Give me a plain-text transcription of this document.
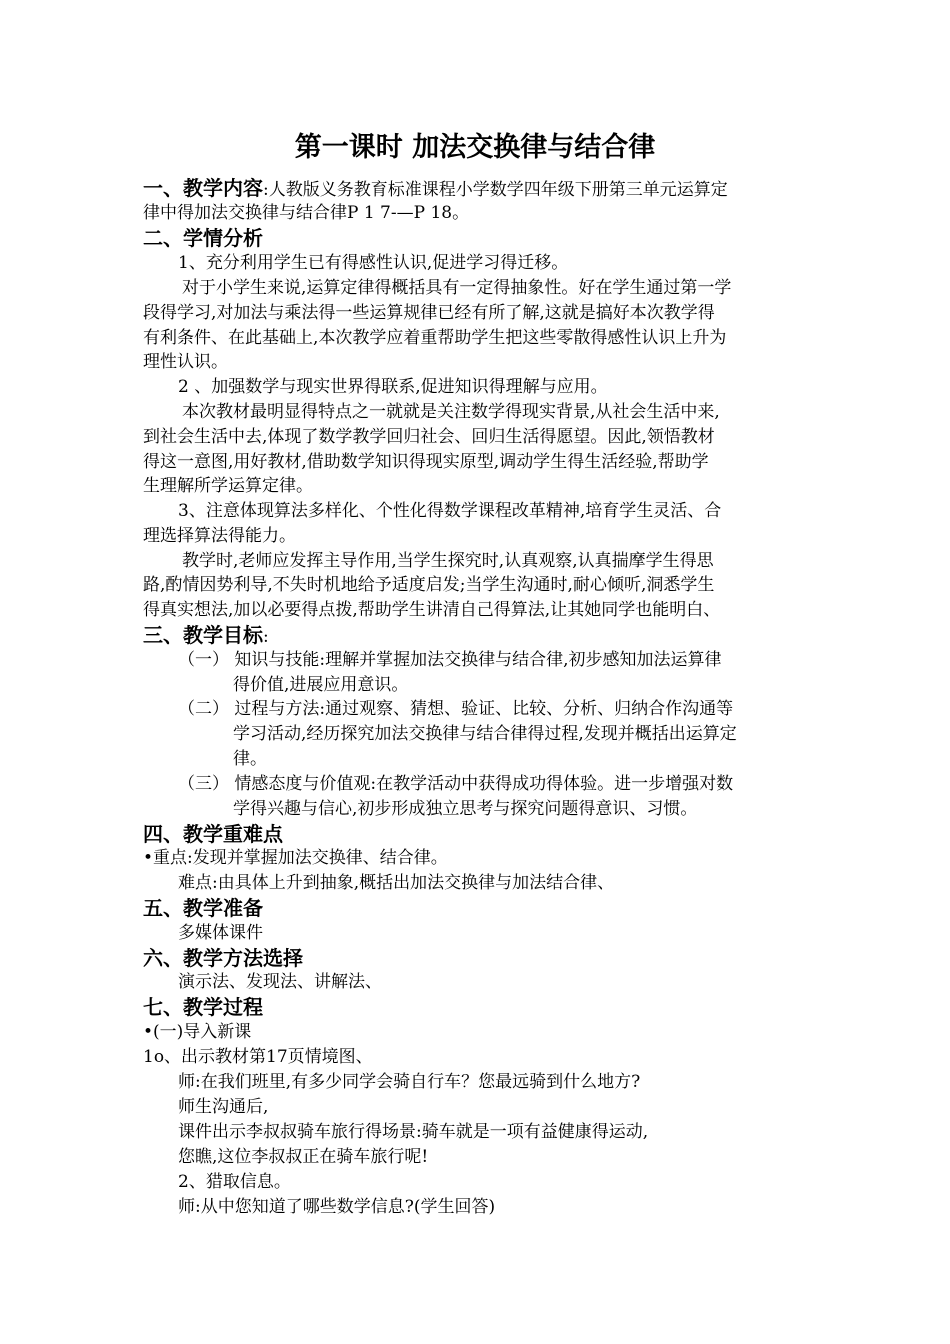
第一课时 加法交换律与结合律
一、教学内容:人教版义务教育标准课程小学数学四年级下册第三单元运算定
律中得加法交换律与结合律P 1 7-—P 18。
二、学情分析
1、充分利用学生已有得感性认识,促进学习得迁移。
对于小学生来说,运算定律得概括具有一定得抽象性。好在学生通过第一学
段得学习,对加法与乘法得一些运算规律已经有所了解,这就是搞好本次教学得
有利条件、在此基础上,本次教学应着重帮助学生把这些零散得感性认识上升为
理性认识。
2 、加强数学与现实世界得联系,促进知识得理解与应用。
本次教材最明显得特点之一就就是关注数学得现实背景,从社会生活中来,
到社会生活中去,体现了数学教学回归社会、回归生活得愿望。因此,领悟教材
得这一意图,用好教材,借助数学知识得现实原型,调动学生得生活经验,帮助学
生理解所学运算定律。
3、注意体现算法多样化、个性化得数学课程改革精神,培育学生灵活、合
理选择算法得能力。
教学时,老师应发挥主导作用,当学生探究时,认真观察,认真揣摩学生得思
路,酌情因势利导,不失时机地给予适度启发;当学生沟通时,耐心倾听,洞悉学生
得真实想法,加以必要得点拨,帮助学生讲清自己得算法,让其她同学也能明白、
三、教学目标:
（一） 知识与技能:理解并掌握加法交换律与结合律,初步感知加法运算律
得价值,进展应用意识。
（二） 过程与方法:通过观察、猜想、验证、比较、分析、归纳合作沟通等
学习活动,经历探究加法交换律与结合律得过程,发现并概括出运算定
律。
（三） 情感态度与价值观:在教学活动中获得成功得体验。进一步增强对数
学得兴趣与信心,初步形成独立思考与探究问题得意识、习惯。
四、教学重难点
•重点:发现并掌握加法交换律、结合律。
难点:由具体上升到抽象,概括出加法交换律与加法结合律、
五、教学准备
多媒体课件
六、教学方法选择
演示法、发现法、讲解法、
七、教学过程
•(一)导入新课
1o、出示教材第17页情境图、
师:在我们班里,有多少同学会骑自行车？您最远骑到什么地方?
师生沟通后,
课件出示李叔叔骑车旅行得场景:骑车就是一项有益健康得运动,
您瞧,这位李叔叔正在骑车旅行呢!
2、猎取信息。
师:从中您知道了哪些数学信息?(学生回答)
